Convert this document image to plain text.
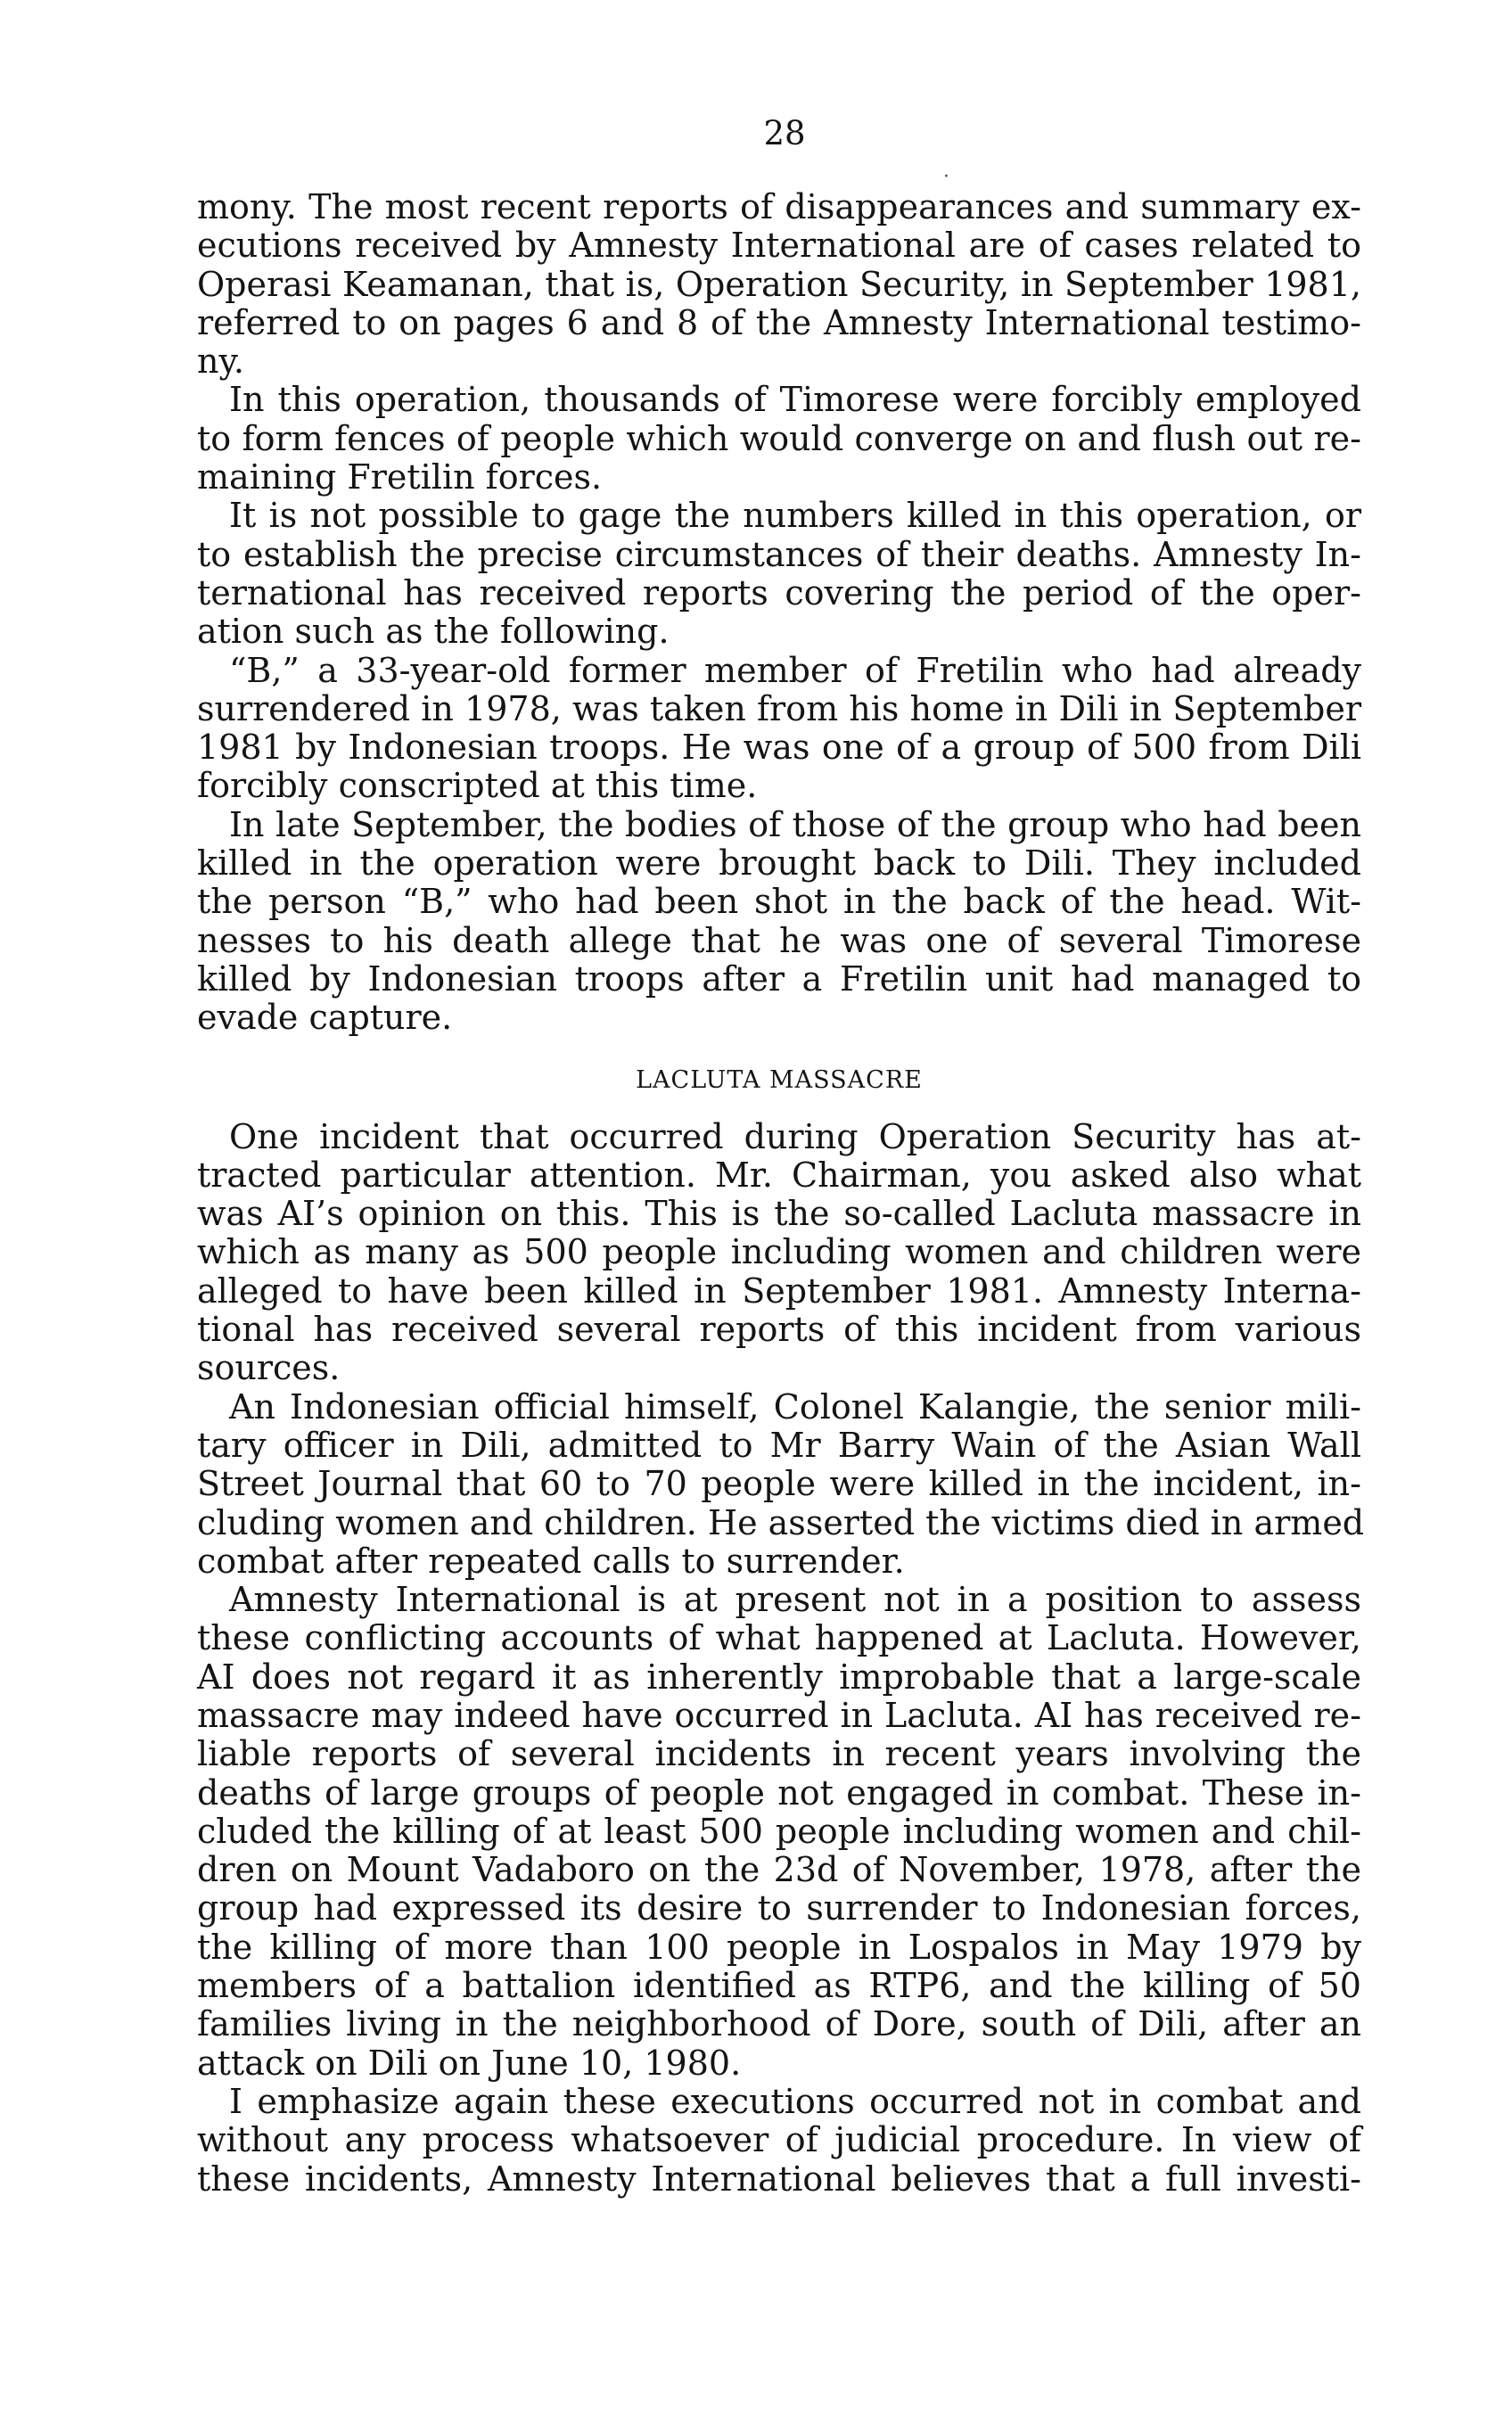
28

mony. The most recent reports of disappearances and summary ex-
ecutions received by Amnesty International are of cases related to
Operasi Keamanan, that is, Operation Security, in September 1981,
referred to on pages 6 and 8 of the Amnesty International testimo-
ny.

In this operation, thousands of Timorese were forcibly employed
to form fences of people which would converge on and flush out re-
maining Fretilin forces.

It is not possible to gage the numbers killed in this operation, or
to establish the precise circumstances of their deaths. Amnesty In-
ternational has received reports covering the period of the oper-
ation such as the following.

“B,” a 33-year-old former member of Fretilin who had already
surrendered in 1978, was taken from his home in Dili in September
1981 by Indonesian troops. He was one of a group of 500 from Dili
forcibly conscripted at this time.

In late September, the bodies of those of the group who had been
killed in the operation were brought back to Dili. They included
the person “B,” who had been shot in the back of the head. Wit-
nesses to his death allege that he was one of several Timorese
killed by Indonesian troops after a Fretilin unit had managed to
evade capture.

LACLUTA MASSACRE

One incident that occurred during Operation Security has at-
tracted particular attention. Mr. Chairman, you asked also what
was AI’s opinion on this. This is the so-called Lacluta massacre in
which as many as 500 people including women and children were
alleged to have been killed in September 1981. Amnesty Interna-
tional has received several reports of this incident from various
sources.

An Indonesian official himself, Colonel Kalangie, the senior mili-
tary officer in Dili, admitted to Mr Barry Wain of the Asian Wall
Street Journal that 60 to 70 people were killed in the incident, in-
cluding women and children. He asserted the victims died in armed
combat after repeated calls to surrender.

Amnesty International is at present not in a position to assess
these conflicting accounts of what happened at Lacluta. However,
AI does not regard it as inherently improbable that a large-scale
massacre may indeed have occurred in Lacluta. AI has received re-
liable reports of several incidents in recent years involving the
deaths of large groups of people not engaged in combat. These in-
cluded the killing of at least 500 people including women and chil-
dren on Mount Vadaboro on the 23d of November, 1978, after the
group had expressed its desire to surrender to Indonesian forces,
the killing of more than 100 people in Lospalos in May 1979 by
members of a battalion identified as RTP6, and the killing of 50
families living in the neighborhood of Dore, south of Dili, after an
attack on Dili on June 10, 1980.

I emphasize again these executions occurred not in combat and
without any process whatsoever of judicial procedure. In view of
these incidents, Amnesty International believes that a full investi-

·
